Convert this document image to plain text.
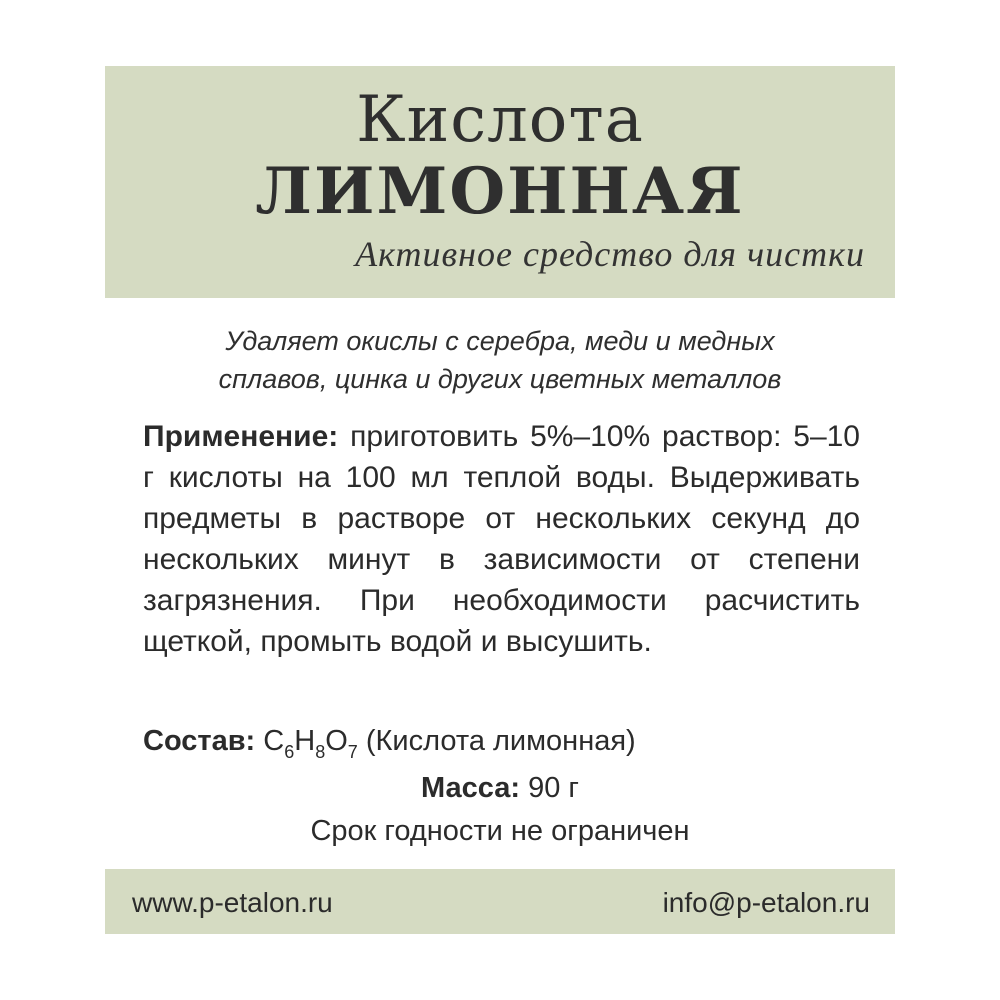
Кислота
ЛИМОННАЯ
Активное средство для чистки
Удаляет окислы с серебра, меди и медных
сплавов, цинка и других цветных металлов

Применение: приготовить 5%–10% раствор: 5–10 г кислоты на 100 мл теплой воды. Выдерживать предметы в растворе от нескольких секунд до нескольких минут в зависимости от степени загрязнения. При необходимости расчистить щеткой, промыть водой и высушить.

Состав: $C_6H_8O_7$ (Кислота лимонная)
Масса: 90 г
Срок годности не ограничен
www.p-etalon.ru	info@p-etalon.ru
